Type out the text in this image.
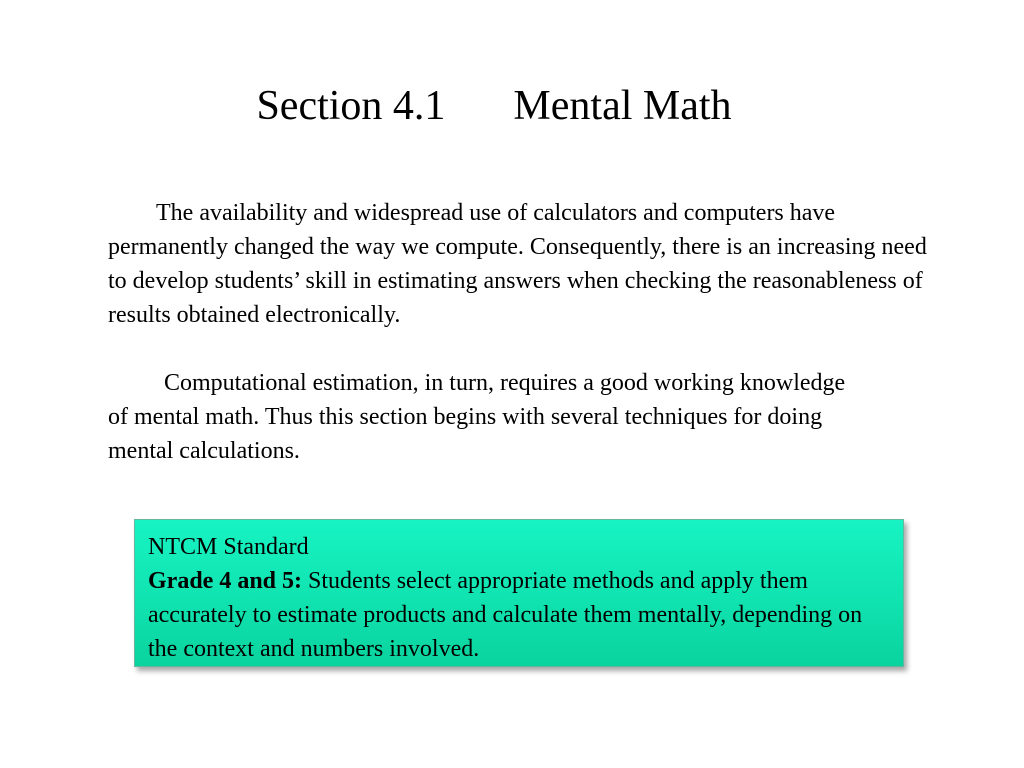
Section 4.1 Mental Math

The availability and widespread use of calculators and computers have permanently changed the way we compute. Consequently, there is an increasing need to develop students’ skill in estimating answers when checking the reasonableness of results obtained electronically.

Computational estimation, in turn, requires a good working knowledge of mental math. Thus this section begins with several techniques for doing mental calculations.

NTCM Standard

Grade 4 and 5: Students select appropriate methods and apply them accurately to estimate products and calculate them mentally, depending on the context and numbers involved.
